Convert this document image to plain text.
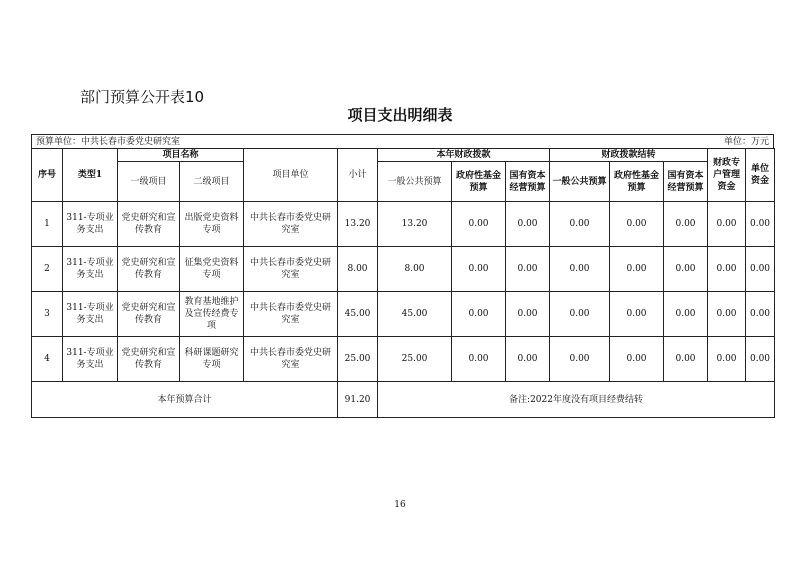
部门预算公开表10
项目支出明细表
预算单位：中共长春市委党史研究室	单位：万元
序号	类型1	项目名称		项目单位	小计	本年财政拨款			财政拨款结转			财政专户管理资金	单位资金
		一级项目	二级项目			一般公共预算	政府性基金预算	国有资本经营预算	一般公共预算	政府性基金预算	国有资本经营预算		
1	311-专项业务支出	党史研究和宣传教育	出版党史资料专项	中共长春市委党史研究室	13.20	13.20	0.00	0.00	0.00	0.00	0.00	0.00	0.00
2	311-专项业务支出	党史研究和宣传教育	征集党史资料专项	中共长春市委党史研究室	8.00	8.00	0.00	0.00	0.00	0.00	0.00	0.00	0.00
3	311-专项业务支出	党史研究和宣传教育	教育基地维护及宣传经费专项	中共长春市委党史研究室	45.00	45.00	0.00	0.00	0.00	0.00	0.00	0.00	0.00
4	311-专项业务支出	党史研究和宣传教育	科研课题研究专项	中共长春市委党史研究室	25.00	25.00	0.00	0.00	0.00	0.00	0.00	0.00	0.00
本年预算合计					91.20	备注:2022年度没有项目经费结转							
16
